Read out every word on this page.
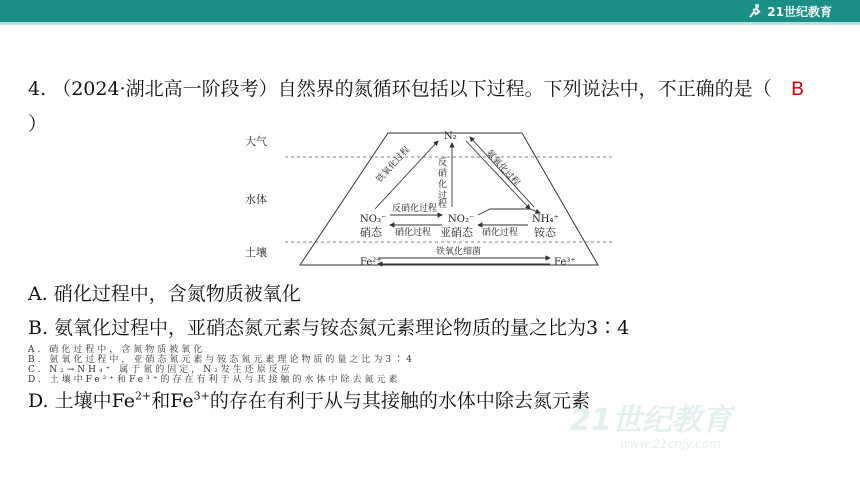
21世纪教育
4. （2024·湖北高一阶段考）自然界的氮循环包括以下过程。下列说法中，不正确的是（ B）
大气
水体
土壤
N₂
NO₃⁻
硝态
NO₂⁻
亚硝态
NH₄⁺
铵态
Fe²⁺	Fe³⁺
反硝化过程
硝化过程	硝化过程
反硝化过程
铁氧化过程	氨氧化过程
铁氧化细菌
A. 硝化过程中，含氮物质被氧化
B. 氨氧化过程中，亚硝态氮元素与铵态氮元素理论物质的量之比为3∶4
A. 硝化过程中，含氮物质被氧化
B. 氨氧化过程中，亚硝态氮元素与铵态氮元素理论物质的量之比为3∶4
C. N₂→NH₄⁺ 属于氮的固定，N₂发生还原反应
D. 土壤中Fe²⁺和Fe³⁺的存在有利于从与其接触的水体中除去氮元素
D. 土壤中$Fe^{2+}$和$Fe^{3+}$的存在有利于从与其接触的水体中除去氮元素
21世纪教育
www.21cnjy.com
